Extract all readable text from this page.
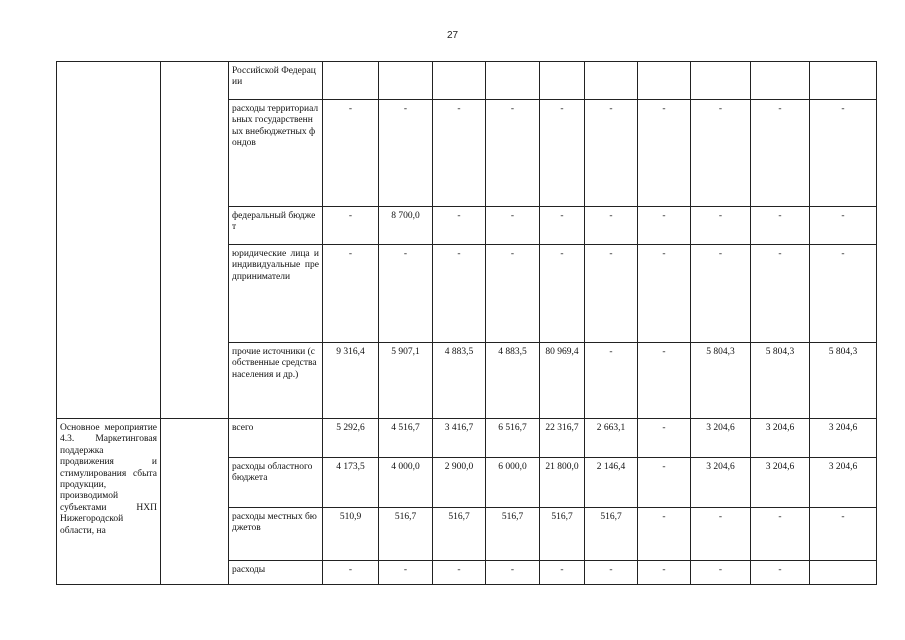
27
		Российской Федерации										
		расходы территориальных государственных внебюджетных фондов	-	-	-	-	-	-	-	-	-	-
		федеральный бюджет	-	8 700,0	-	-	-	-	-	-	-	-
		юридические лица и индивидуальные предприниматели	-	-	-	-	-	-	-	-	-	-
		прочие источники (собственные средства населения и др.)	9 316,4	5 907,1	4 883,5	4 883,5	80 969,4	-	-	5 804,3	5 804,3	5 804,3
Основное мероприятие 4.3. Маркетинговая поддержка продвижения и стимулирования сбыта продукции, производимой субъектами НХП Нижегородской области, на		всего	5 292,6	4 516,7	3 416,7	6 516,7	22 316,7	2 663,1	-	3 204,6	3 204,6	3 204,6
		расходы областного бюджета	4 173,5	4 000,0	2 900,0	6 000,0	21 800,0	2 146,4	-	3 204,6	3 204,6	3 204,6
		расходы местных бюджетов	510,9	516,7	516,7	516,7	516,7	516,7	-	-	-	-
		расходы	-	-	-	-	-	-	-	-	-	
